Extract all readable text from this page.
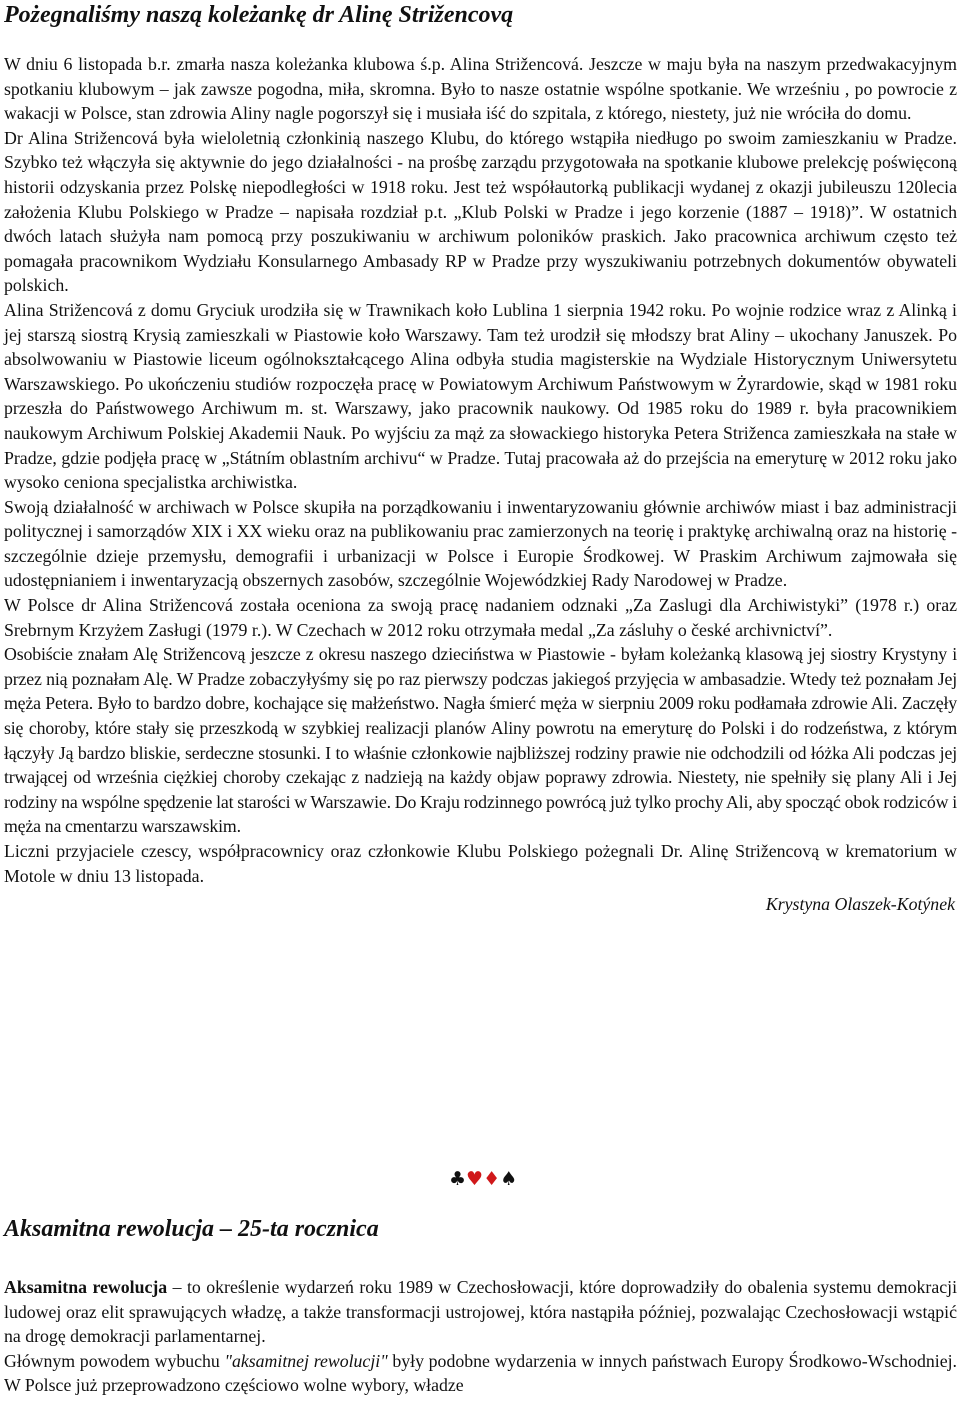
Pożegnaliśmy naszą koleżankę dr Alinę Strižencovą

W dniu 6 listopada b.r. zmarła nasza koleżanka klubowa ś.p. Alina Strižencová. Jeszcze w maju była na naszym przedwakacyjnym spotkaniu klubowym – jak zawsze pogodna, miła, skromna. Było to nasze ostatnie wspólne spotkanie. We wrześniu , po powrocie z wakacji w Polsce, stan zdrowia Aliny nagle pogorszył się i musiała iść do szpitala, z którego, niestety, już nie wróciła do domu.

Dr Alina Strižencová była wieloletnią członkinią naszego Klubu, do którego wstąpiła niedługo po swoim zamieszkaniu w Pradze. Szybko też włączyła się aktywnie do jego działalności - na prośbę zarządu przygotowała na spotkanie klubowe prelekcję poświęconą historii odzyskania przez Polskę niepodległości w 1918 roku. Jest też współautorką publikacji wydanej z okazji jubileuszu 120lecia założenia Klubu Polskiego w Pradze – napisała rozdział p.t. „Klub Polski w Pradze i jego korzenie (1887 – 1918)”. W ostatnich dwóch latach służyła nam pomocą przy poszukiwaniu w archiwum poloników praskich. Jako pracownica archiwum często też pomagała pracownikom Wydziału Konsularnego Ambasady RP w Pradze przy wyszukiwaniu potrzebnych dokumentów obywateli polskich.

Alina Strižencová z domu Gryciuk urodziła się w Trawnikach koło Lublina 1 sierpnia 1942 roku. Po wojnie rodzice wraz z Alinką i jej starszą siostrą Krysią zamieszkali w Piastowie koło Warszawy. Tam też urodził się młodszy brat Aliny – ukochany Januszek. Po absolwowaniu w Piastowie liceum ogólnokształcącego Alina odbyła studia magisterskie na Wydziale Historycznym Uniwersytetu Warszawskiego. Po ukończeniu studiów rozpoczęła pracę w Powiatowym Archiwum Państwowym w Żyrardowie, skąd w 1981 roku przeszła do Państwowego Archiwum m. st. Warszawy, jako pracownik naukowy. Od 1985 roku do 1989 r. była pracownikiem naukowym Archiwum Polskiej Akademii Nauk. Po wyjściu za mąż za słowackiego historyka Petera Striženca zamieszkała na stałe w Pradze, gdzie podjęła pracę w „Státním oblastním archivu“ w Pradze. Tutaj pracowała aż do przejścia na emeryturę w 2012 roku jako wysoko ceniona specjalistka archiwistka.

Swoją działalność w archiwach w Polsce skupiła na porządkowaniu i inwentaryzowaniu głównie archiwów miast i baz administracji politycznej i samorządów XIX i XX wieku oraz na publikowaniu prac zamierzonych na teorię i praktykę archiwalną oraz na historię - szczególnie dzieje przemysłu, demografii i urbanizacji w Polsce i Europie Środkowej. W Praskim Archiwum zajmowała się udostępnianiem i inwentaryzacją obszernych zasobów, szczególnie Wojewódzkiej Rady Narodowej w Pradze.

W Polsce dr Alina Strižencová została oceniona za swoją pracę nadaniem odznaki „Za Zaslugi dla Archiwistyki” (1978 r.) oraz Srebrnym Krzyżem Zasługi (1979 r.). W Czechach w 2012 roku otrzymała medal „Za zásluhy o české archivnictví”.

Osobiście znałam Alę Strižencovą jeszcze z okresu naszego dzieciństwa w Piastowie - byłam koleżanką klasową jej siostry Krystyny i przez nią poznałam Alę. W Pradze zobaczyłyśmy się po raz pierwszy podczas jakiegoś przyjęcia w ambasadzie. Wtedy też poznałam Jej męża Petera. Było to bardzo dobre, kochające się małżeństwo. Nagła śmierć męża w sierpniu 2009 roku podłamała zdrowie Ali. Zaczęły się choroby, które stały się przeszkodą w szybkiej realizacji planów Aliny powrotu na emeryturę do Polski i do rodzeństwa, z którym łączyły Ją bardzo bliskie, serdeczne stosunki. I to właśnie członkowie najbliższej rodziny prawie nie odchodzili od łóżka Ali podczas jej trwającej od września ciężkiej choroby czekając z nadzieją na każdy objaw poprawy zdrowia. Niestety, nie spełniły się plany Ali i Jej rodziny na wspólne spędzenie lat starości w Warszawie. Do Kraju rodzinnego powrócą już tylko prochy Ali, aby spocząć obok rodziców i męża na cmentarzu warszawskim.

Liczni przyjaciele czescy, współpracownicy oraz członkowie Klubu Polskiego pożegnali Dr. Alinę Strižencovą w krematorium w Motole w dniu 13 listopada.

Krystyna Olaszek-Kotýnek
♣♥♦♠
Aksamitna rewolucja – 25-ta rocznica

Aksamitna rewolucja – to określenie wydarzeń roku 1989 w Czechosłowacji, które doprowadziły do obalenia systemu demokracji ludowej oraz elit sprawujących władzę, a także transformacji ustrojowej, która nastąpiła później, pozwalając Czechosłowacji wstąpić na drogę demokracji parlamentarnej.

Głównym powodem wybuchu "aksamitnej rewolucji" były podobne wydarzenia w innych państwach Europy Środkowo-Wschodniej. W Polsce już przeprowadzono częściowo wolne wybory, władze
